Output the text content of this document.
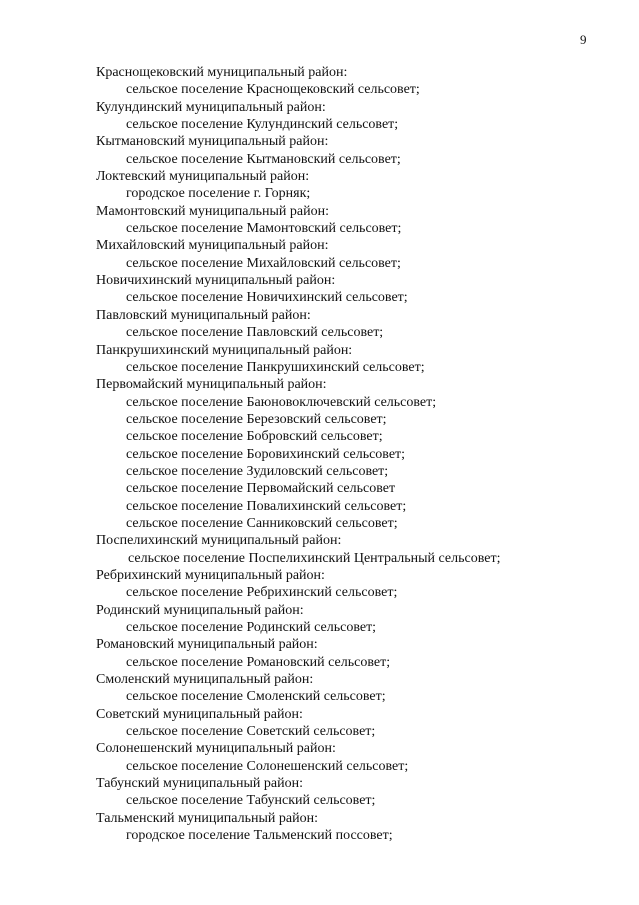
9
Краснощековский муниципальный район:
сельское поселение Краснощековский сельсовет;
Кулундинский муниципальный район:
сельское поселение Кулундинский сельсовет;
Кытмановский муниципальный район:
сельское поселение Кытмановский сельсовет;
Локтевский муниципальный район:
городское поселение г. Горняк;
Мамонтовский муниципальный район:
сельское поселение Мамонтовский сельсовет;
Михайловский муниципальный район:
сельское поселение Михайловский сельсовет;
Новичихинский муниципальный район:
сельское поселение Новичихинский сельсовет;
Павловский муниципальный район:
сельское поселение Павловский сельсовет;
Панкрушихинский муниципальный район:
сельское поселение Панкрушихинский сельсовет;
Первомайский муниципальный район:
сельское поселение Баюновоключевский сельсовет;
сельское поселение Березовский сельсовет;
сельское поселение Бобровский сельсовет;
сельское поселение Боровихинский сельсовет;
сельское поселение Зудиловский сельсовет;
сельское поселение Первомайский сельсовет
сельское поселение Повалихинский сельсовет;
сельское поселение Санниковский сельсовет;
Поспелихинский муниципальный район:
сельское поселение Поспелихинский Центральный сельсовет;
Ребрихинский муниципальный район:
сельское поселение Ребрихинский сельсовет;
Родинский муниципальный район:
сельское поселение Родинский сельсовет;
Романовский муниципальный район:
сельское поселение Романовский сельсовет;
Смоленский муниципальный район:
сельское поселение Смоленский сельсовет;
Советский муниципальный район:
сельское поселение Советский сельсовет;
Солонешенский муниципальный район:
сельское поселение Солонешенский сельсовет;
Табунский муниципальный район:
сельское поселение Табунский сельсовет;
Тальменский муниципальный район:
городское поселение Тальменский поссовет;
